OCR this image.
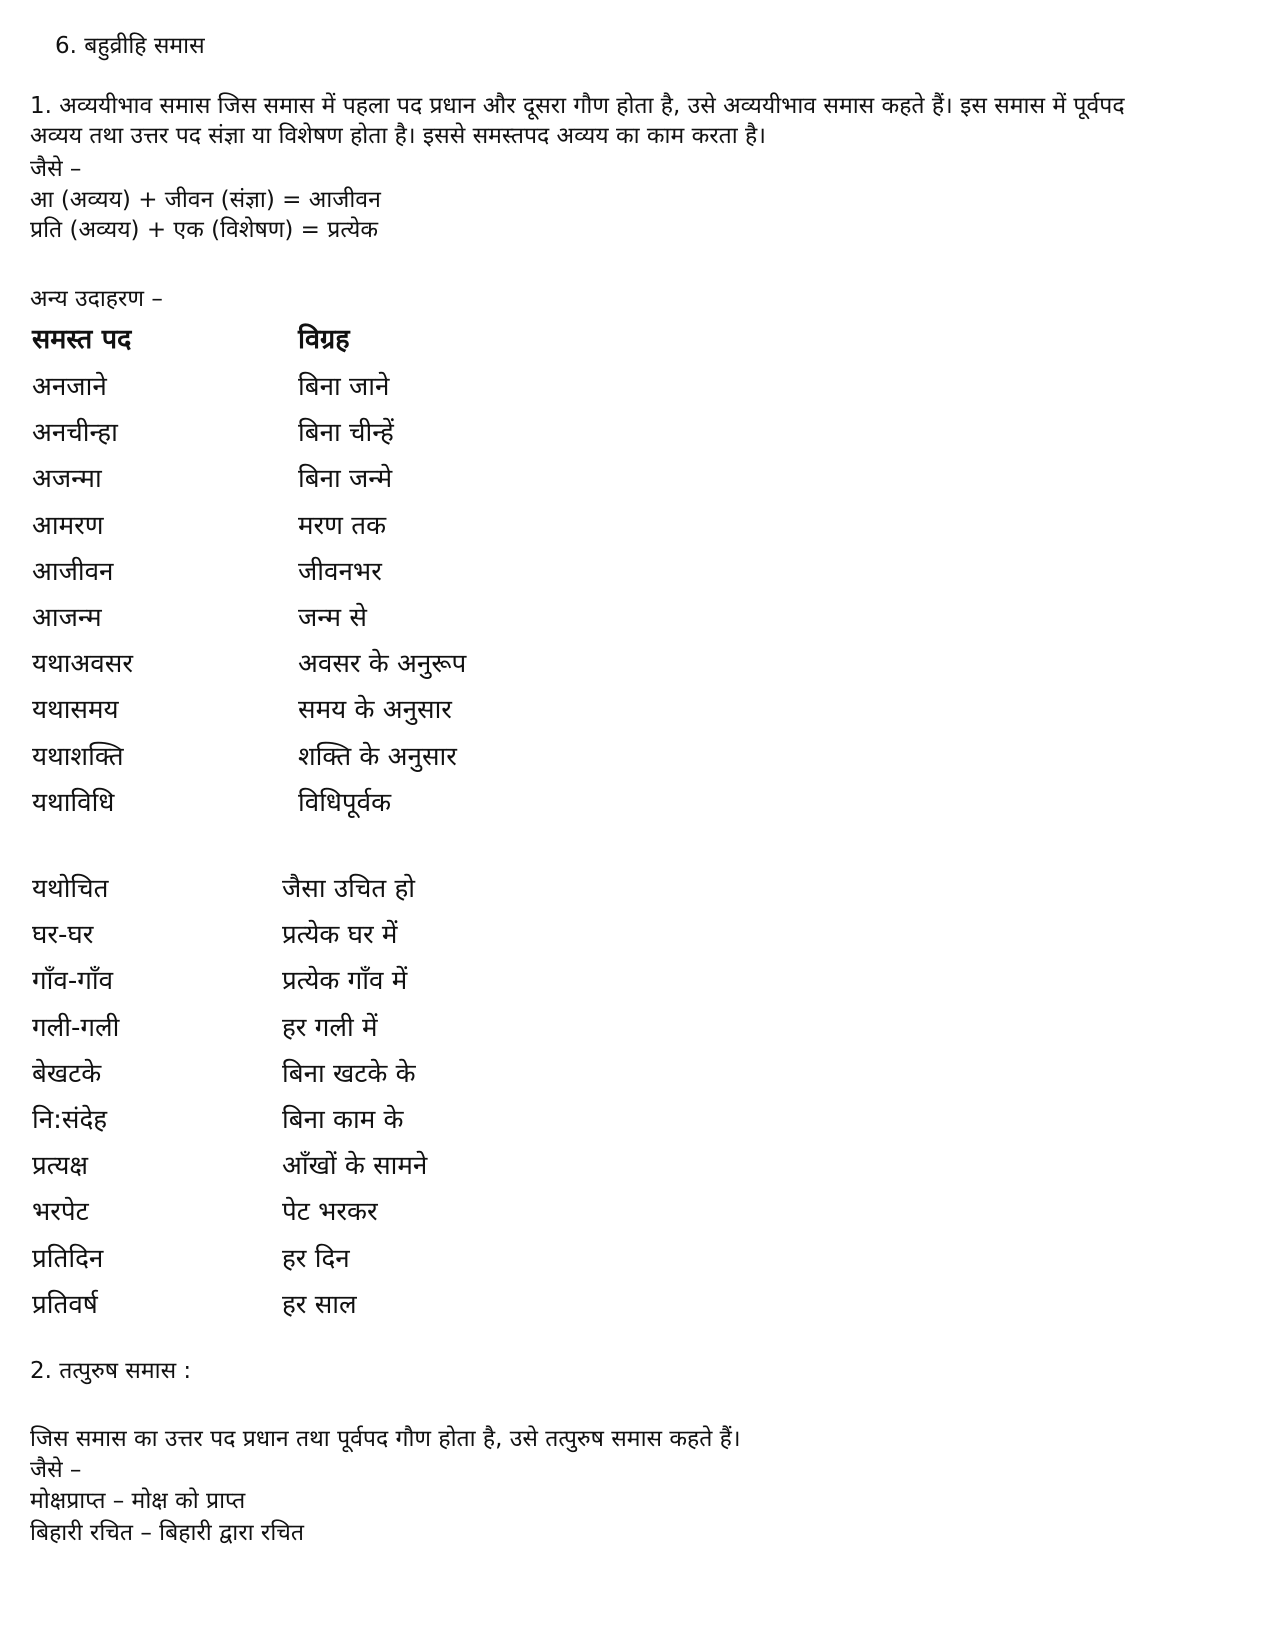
6. बहुव्रीहि समास

1. अव्ययीभाव समास जिस समास में पहला पद प्रधान और दूसरा गौण होता है, उसे अव्ययीभाव समास कहते हैं। इस समास में पूर्वपद

अव्यय तथा उत्तर पद संज्ञा या विशेषण होता है। इससे समस्तपद अव्यय का काम करता है।

जैसे –

आ (अव्यय) + जीवन (संज्ञा) = आजीवन

प्रति (अव्यय) + एक (विशेषण) = प्रत्येक

अन्य उदाहरण –

समस्त पद	विग्रह
अनजाने	बिना जाने
अनचीन्हा	बिना चीन्हें
अजन्मा	बिना जन्मे
आमरण	मरण तक
आजीवन	जीवनभर
आजन्म	जन्म से
यथाअवसर	अवसर के अनुरूप
यथासमय	समय के अनुसार
यथाशक्ति	शक्ति के अनुसार
यथाविधि	विधिपूर्वक
यथोचित	जैसा उचित हो
घर-घर	प्रत्येक घर में
गाँव-गाँव	प्रत्येक गाँव में
गली-गली	हर गली में
बेखटके	बिना खटके के
नि:संदेह	बिना काम के
प्रत्यक्ष	आँखों के सामने
भरपेट	पेट भरकर
प्रतिदिन	हर दिन
प्रतिवर्ष	हर साल

2. तत्पुरुष समास :

जिस समास का उत्तर पद प्रधान तथा पूर्वपद गौण होता है, उसे तत्पुरुष समास कहते हैं।

जैसे –

मोक्षप्राप्त – मोक्ष को प्राप्त

बिहारी रचित – बिहारी द्वारा रचित
